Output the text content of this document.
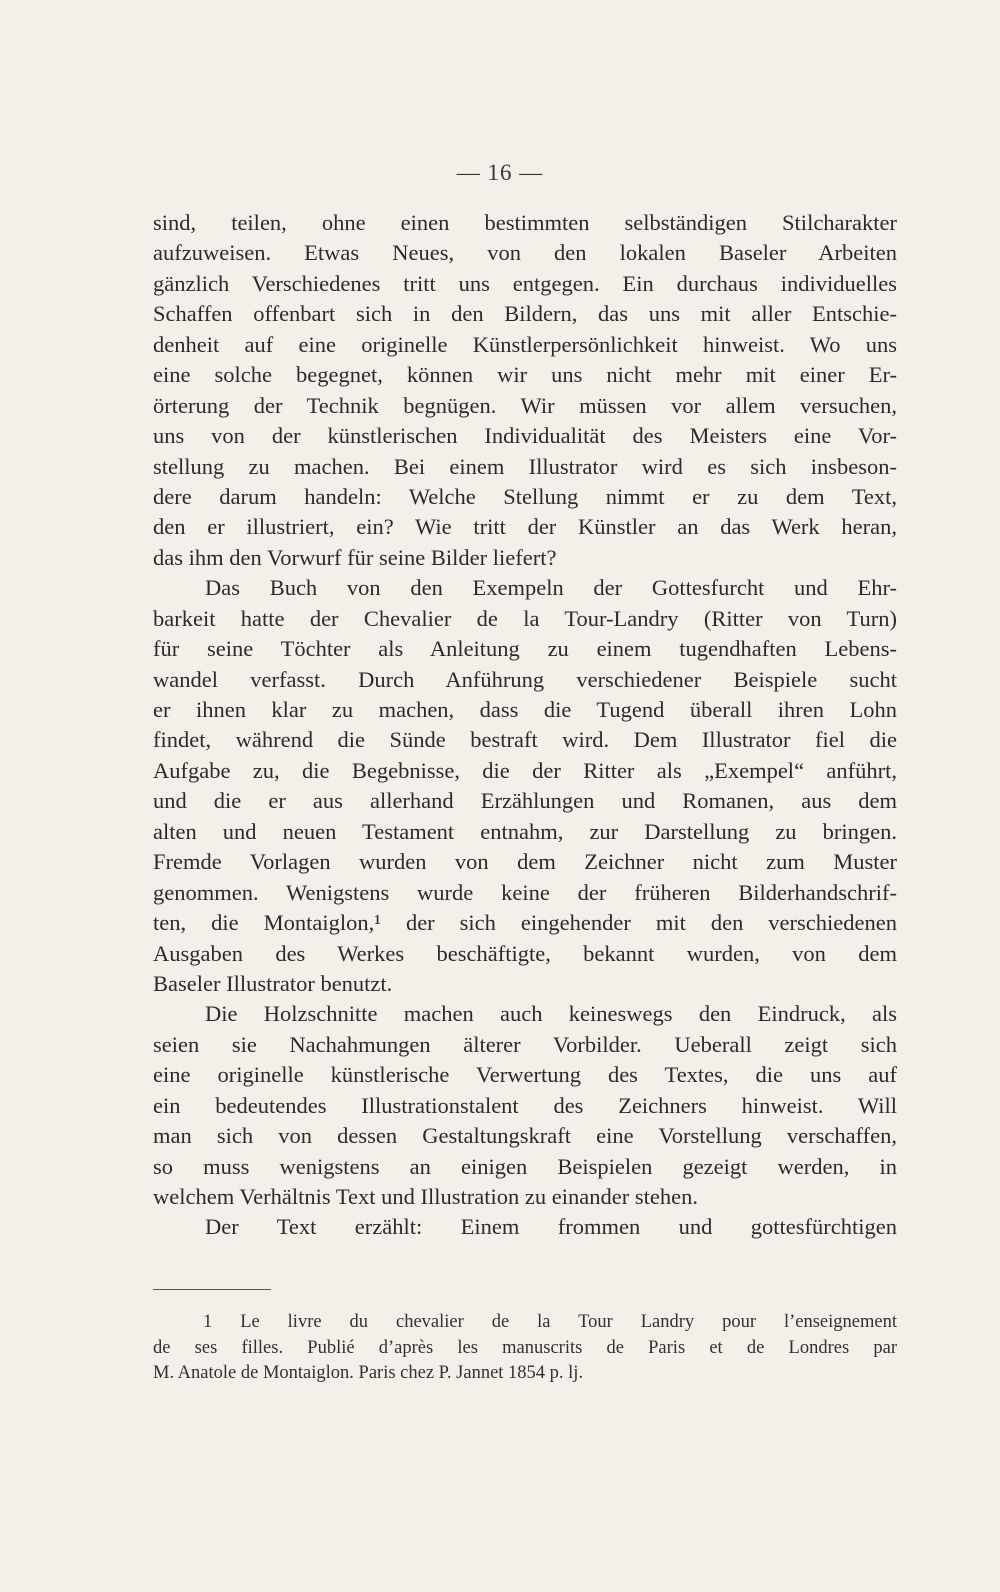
— 16 —
sind, teilen, ohne einen bestimmten selbständigen Stilcharakter
aufzuweisen. Etwas Neues, von den lokalen Baseler Arbeiten
gänzlich Verschiedenes tritt uns entgegen. Ein durchaus individuelles
Schaffen offenbart sich in den Bildern, das uns mit aller Entschie-
denheit auf eine originelle Künstlerpersönlichkeit hinweist. Wo uns
eine solche begegnet, können wir uns nicht mehr mit einer Er-
örterung der Technik begnügen. Wir müssen vor allem versuchen,
uns von der künstlerischen Individualität des Meisters eine Vor-
stellung zu machen. Bei einem Illustrator wird es sich insbeson-
dere darum handeln: Welche Stellung nimmt er zu dem Text,
den er illustriert, ein? Wie tritt der Künstler an das Werk heran,
das ihm den Vorwurf für seine Bilder liefert?
Das Buch von den Exempeln der Gottesfurcht und Ehr-
barkeit hatte der Chevalier de la Tour-Landry (Ritter von Turn)
für seine Töchter als Anleitung zu einem tugendhaften Lebens-
wandel verfasst. Durch Anführung verschiedener Beispiele sucht
er ihnen klar zu machen, dass die Tugend überall ihren Lohn
findet, während die Sünde bestraft wird. Dem Illustrator fiel die
Aufgabe zu, die Begebnisse, die der Ritter als „Exempel“ anführt,
und die er aus allerhand Erzählungen und Romanen, aus dem
alten und neuen Testament entnahm, zur Darstellung zu bringen.
Fremde Vorlagen wurden von dem Zeichner nicht zum Muster
genommen. Wenigstens wurde keine der früheren Bilderhandschrif-
ten, die Montaiglon,¹ der sich eingehender mit den verschiedenen
Ausgaben des Werkes beschäftigte, bekannt wurden, von dem
Baseler Illustrator benutzt.
Die Holzschnitte machen auch keineswegs den Eindruck, als
seien sie Nachahmungen älterer Vorbilder. Ueberall zeigt sich
eine originelle künstlerische Verwertung des Textes, die uns auf
ein bedeutendes Illustrationstalent des Zeichners hinweist. Will
man sich von dessen Gestaltungskraft eine Vorstellung verschaffen,
so muss wenigstens an einigen Beispielen gezeigt werden, in
welchem Verhältnis Text und Illustration zu einander stehen.
Der Text erzählt: Einem frommen und gottesfürchtigen
1 Le livre du chevalier de la Tour Landry pour l’enseignement
de ses filles. Publié d’après les manuscrits de Paris et de Londres par
M. Anatole de Montaiglon. Paris chez P. Jannet 1854 p. lj.
